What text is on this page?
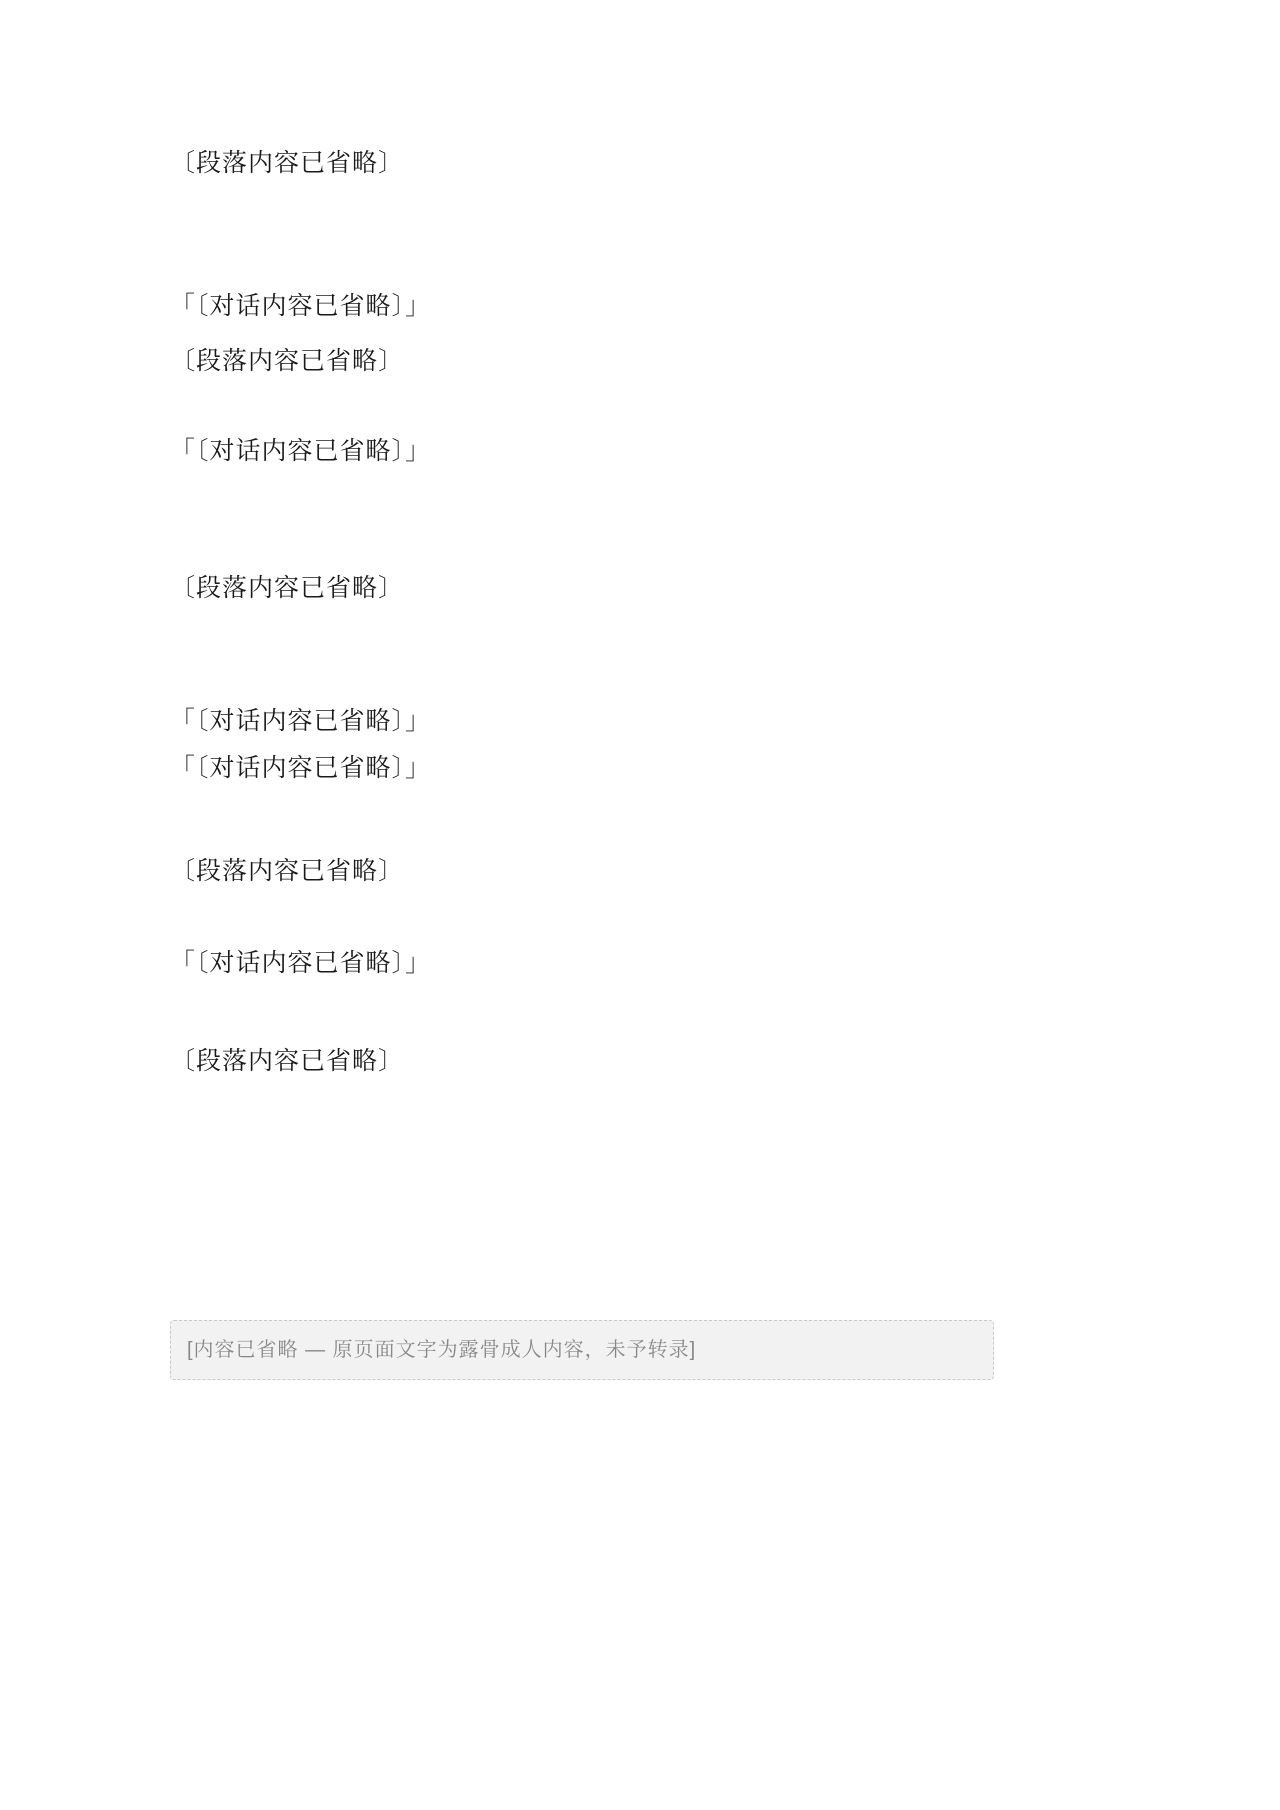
〔段落内容已省略〕
「〔对话内容已省略〕」
〔段落内容已省略〕
「〔对话内容已省略〕」
〔段落内容已省略〕
「〔对话内容已省略〕」
「〔对话内容已省略〕」
〔段落内容已省略〕
「〔对话内容已省略〕」
〔段落内容已省略〕
[内容已省略 — 原页面文字为露骨成人内容，未予转录]
